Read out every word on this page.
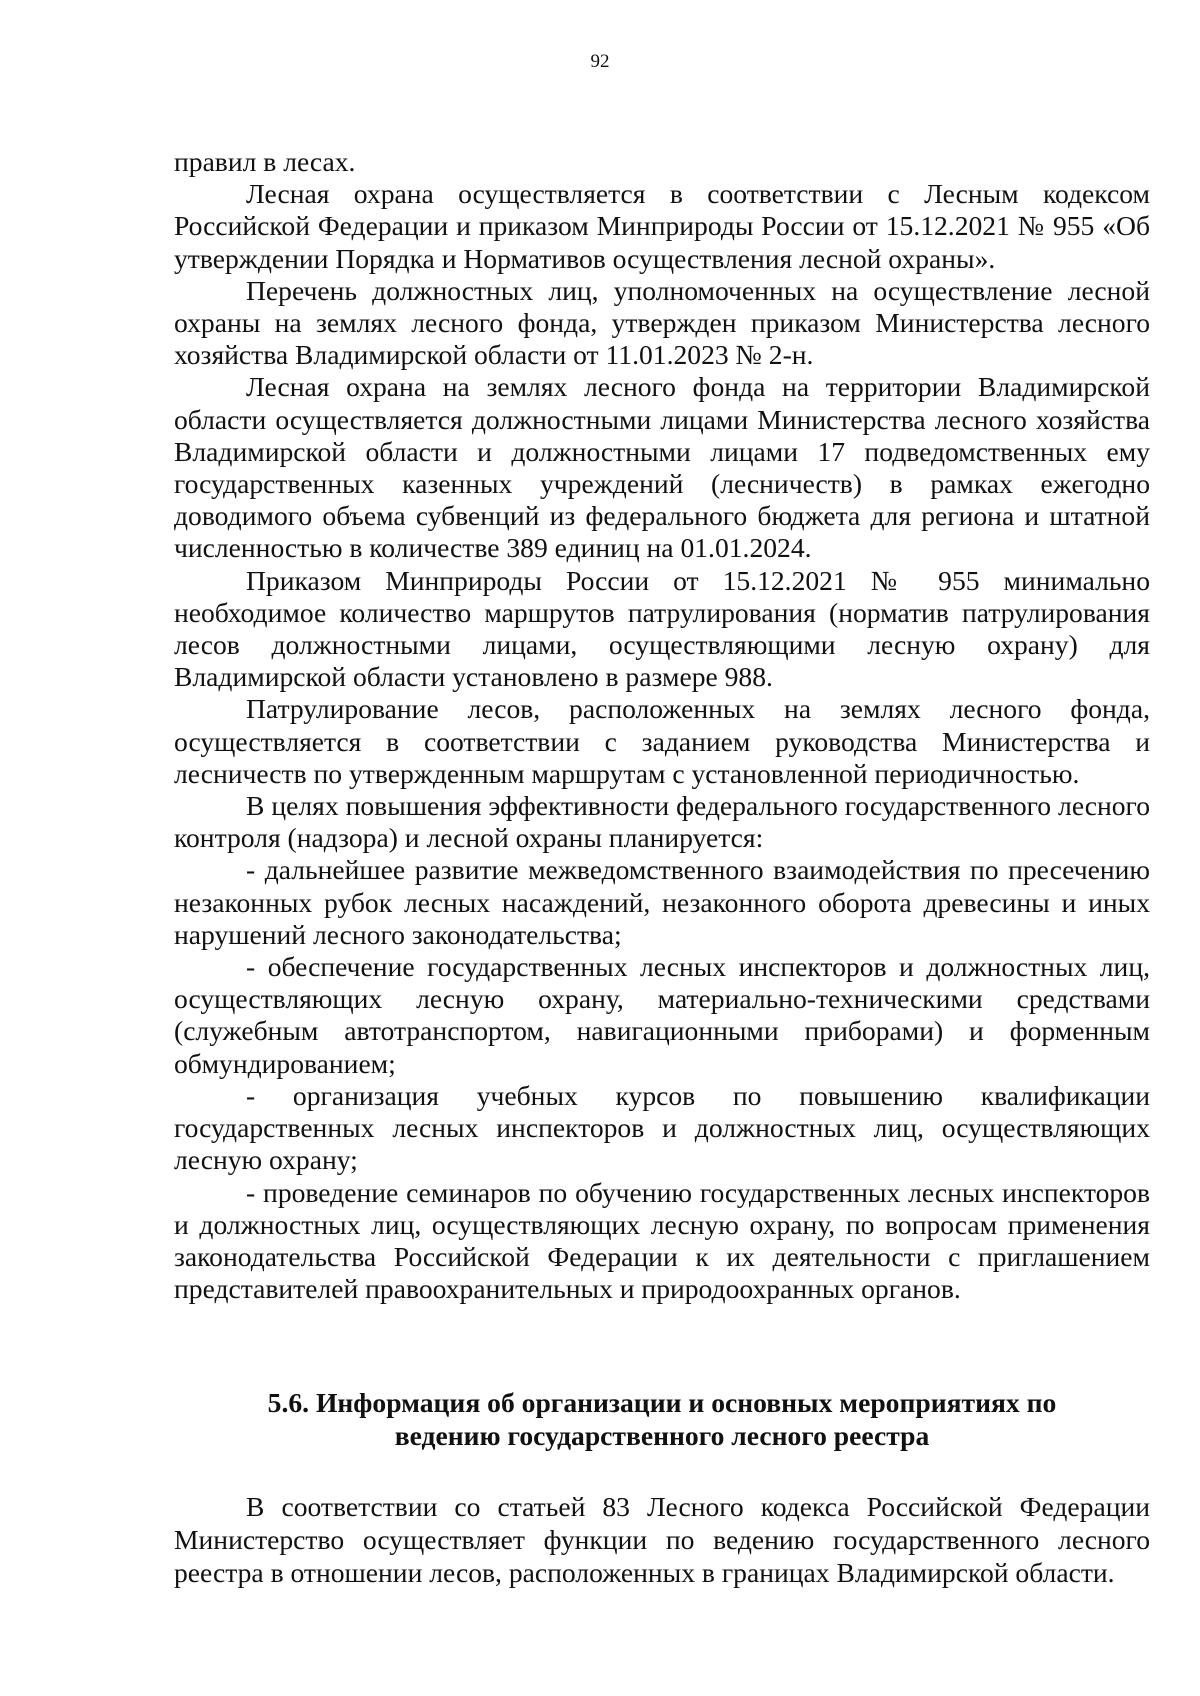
92

правил в лесах.

Лесная охрана осуществляется в соответствии с Лесным кодексом Российской Федерации и приказом Минприроды России от 15.12.2021 № 955 «Об утверждении Порядка и Нормативов осуществления лесной охраны».

Перечень должностных лиц, уполномоченных на осуществление лесной охраны на землях лесного фонда, утвержден приказом Министерства лесного хозяйства Владимирской области от 11.01.2023 № 2-н.

Лесная охрана на землях лесного фонда на территории Владимирской области осуществляется должностными лицами Министерства лесного хозяйства Владимирской области и должностными лицами 17 подведомственных ему государственных казенных учреждений (лесничеств) в рамках ежегодно доводимого объема субвенций из федерального бюджета для региона и штатной численностью в количестве 389 единиц на 01.01.2024.

Приказом Минприроды России от 15.12.2021 № 955 минимально необходимое количество маршрутов патрулирования (норматив патрулирования лесов должностными лицами, осуществляющими лесную охрану) для Владимирской области установлено в размере 988.

Патрулирование лесов, расположенных на землях лесного фонда, осуществляется в соответствии с заданием руководства Министерства и лесничеств по утвержденным маршрутам с установленной периодичностью.

В целях повышения эффективности федерального государственного лесного контроля (надзора) и лесной охраны планируется:

- дальнейшее развитие межведомственного взаимодействия по пресечению незаконных рубок лесных насаждений, незаконного оборота древесины и иных нарушений лесного законодательства;

- обеспечение государственных лесных инспекторов и должностных лиц, осуществляющих лесную охрану, материально-техническими средствами (служебным автотранспортом, навигационными приборами) и форменным обмундированием;

- организация учебных курсов по повышению квалификации государственных лесных инспекторов и должностных лиц, осуществляющих лесную охрану;

- проведение семинаров по обучению государственных лесных инспекторов и должностных лиц, осуществляющих лесную охрану, по вопросам применения законодательства Российской Федерации к их деятельности с приглашением представителей правоохранительных и природоохранных органов.

5.6. Информация об организации и основных мероприятиях по
ведению государственного лесного реестра

В соответствии со статьей 83 Лесного кодекса Российской Федерации Министерство осуществляет функции по ведению государственного лесного реестра в отношении лесов, расположенных в границах Владимирской области.
